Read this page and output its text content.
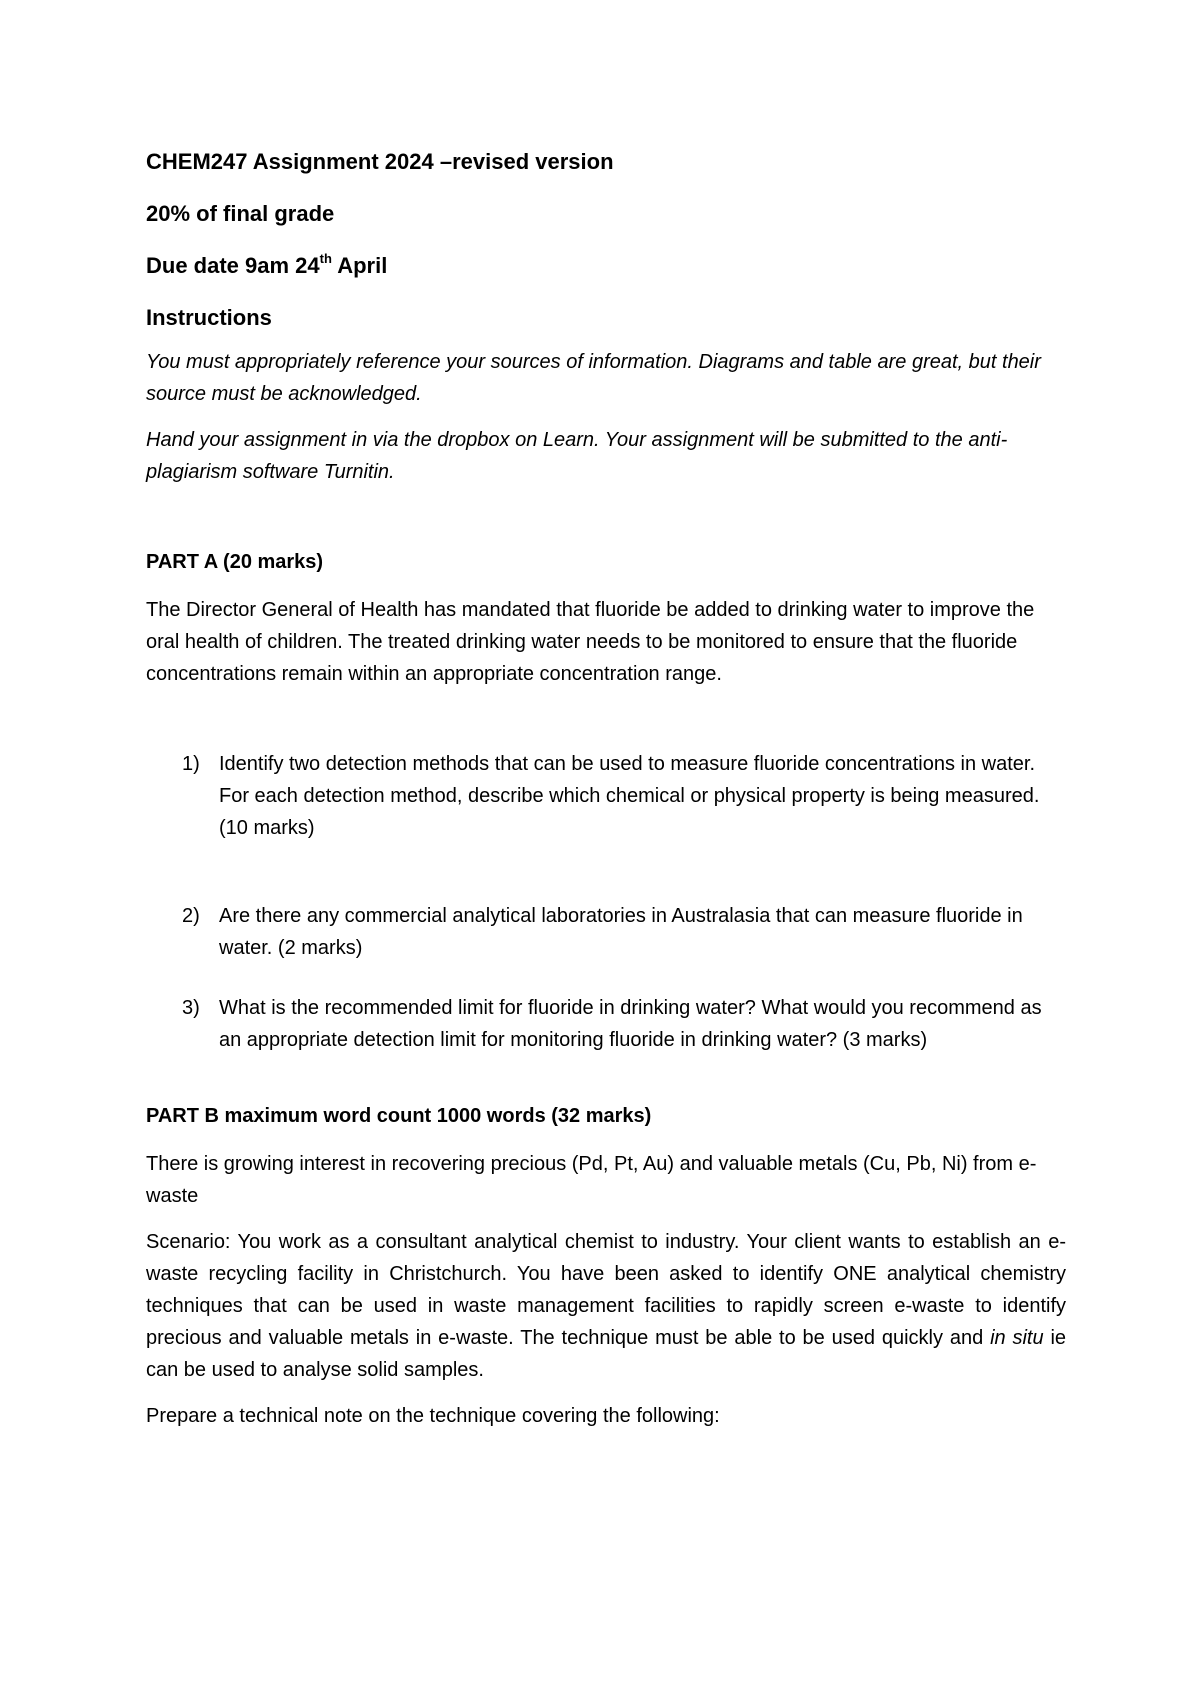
CHEM247 Assignment 2024 –revised version
20% of final grade
Due date 9am 24th April
Instructions

You must appropriately reference your sources of information. Diagrams and table are great, but their source must be acknowledged.

Hand your assignment in via the dropbox on Learn. Your assignment will be submitted to the anti-plagiarism software Turnitin.

PART A (20 marks)

The Director General of Health has mandated that fluoride be added to drinking water to improve the oral health of children. The treated drinking water needs to be monitored to ensure that the fluoride concentrations remain within an appropriate concentration range.

1) Identify two detection methods that can be used to measure fluoride concentrations in water. For each detection method, describe which chemical or physical property is being measured. (10 marks)
2) Are there any commercial analytical laboratories in Australasia that can measure fluoride in water. (2 marks)
3) What is the recommended limit for fluoride in drinking water? What would you recommend as an appropriate detection limit for monitoring fluoride in drinking water? (3 marks)
PART B maximum word count 1000 words (32 marks)

There is growing interest in recovering precious (Pd, Pt, Au) and valuable metals (Cu, Pb, Ni) from e-waste

Scenario: You work as a consultant analytical chemist to industry. Your client wants to establish an e-waste recycling facility in Christchurch. You have been asked to identify ONE analytical chemistry techniques that can be used in waste management facilities to rapidly screen e-waste to identify precious and valuable metals in e-waste. The technique must be able to be used quickly and in situ ie can be used to analyse solid samples.

Prepare a technical note on the technique covering the following:
